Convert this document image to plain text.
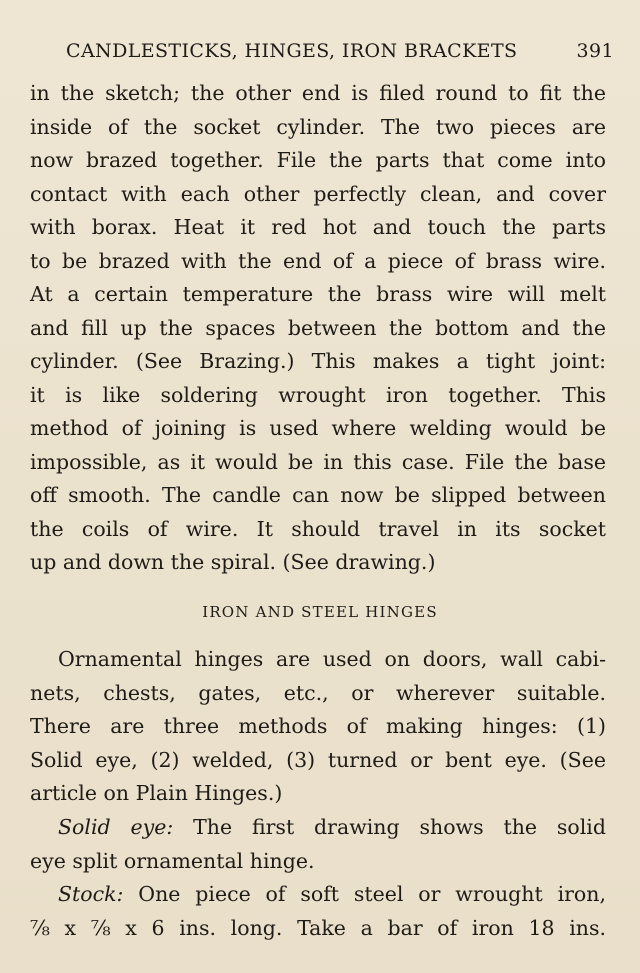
CANDLESTICKS, HINGES, IRON BRACKETS	391
in the sketch; the other end is filed round to fit the
inside of the socket cylinder. The two pieces are
now brazed together. File the parts that come into
contact with each other perfectly clean, and cover
with borax. Heat it red hot and touch the parts
to be brazed with the end of a piece of brass wire.
At a certain temperature the brass wire will melt
and fill up the spaces between the bottom and the
cylinder. (See Brazing.) This makes a tight joint:
it is like soldering wrought iron together. This
method of joining is used where welding would be
impossible, as it would be in this case. File the base
off smooth. The candle can now be slipped between
the coils of wire. It should travel in its socket
up and down the spiral. (See drawing.)
IRON AND STEEL HINGES
Ornamental hinges are used on doors, wall cabi-
nets, chests, gates, etc., or wherever suitable.
There are three methods of making hinges: (1)
Solid eye, (2) welded, (3) turned or bent eye. (See
article on Plain Hinges.)
Solid eye: The first drawing shows the solid
eye split ornamental hinge.
Stock: One piece of soft steel or wrought iron,
⅞ x ⅞ x 6 ins. long. Take a bar of iron 18 ins.
